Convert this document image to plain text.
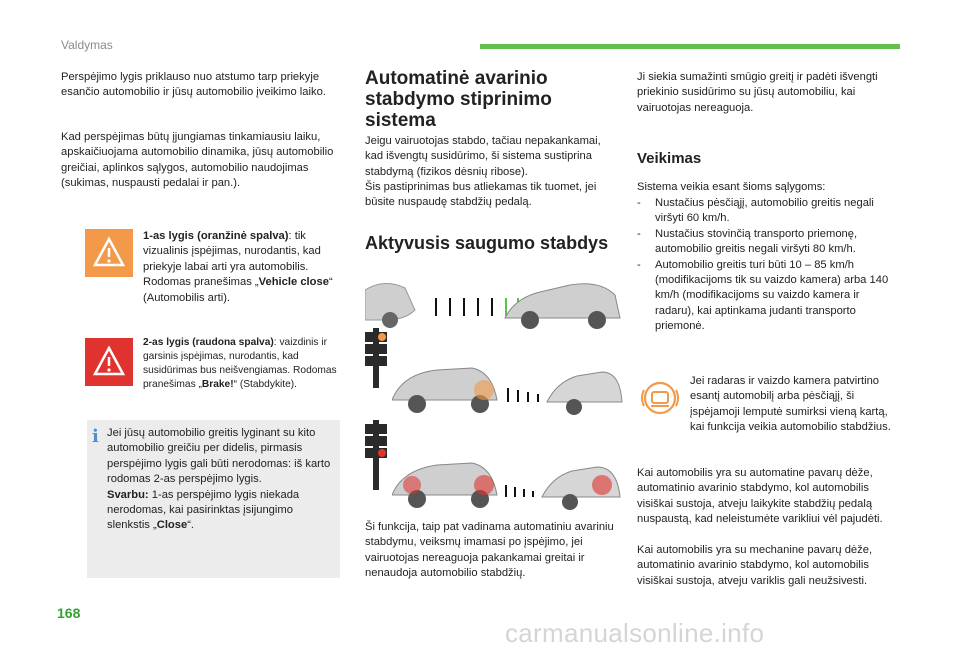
Valdymas
Perspėjimo lygis priklauso nuo atstumo tarp priekyje esančio automobilio ir jūsų automobilio įveikimo laiko.
Kad perspėjimas būtų įjungiamas tinkamiausiu laiku, apskaičiuojama automobilio dinamika, jūsų automobilio greičiai, aplinkos sąlygos, automobilio naudojimas (sukimas, nuspausti pedalai ir pan.).
1-as lygis (oranžinė spalva): tik vizualinis įspėjimas, nurodantis, kad priekyje labai arti yra automobilis. Rodomas pranešimas „Vehicle close“ (Automobilis arti).
2-as lygis (raudona spalva): vaizdinis ir garsinis įspėjimas, nurodantis, kad susidūrimas bus neišvengiamas. Rodomas pranešimas „Brake!“ (Stabdykite).
i Jei jūsų automobilio greitis lyginant su kito automobilio greičiu per didelis, pirmasis perspėjimo lygis gali būti nerodomas: iš karto rodomas 2-as perspėjimo lygis.
Svarbu: 1-as perspėjimo lygis niekada nerodomas, kai pasirinktas įsijungimo slenkstis „Close“.
Automatinė avarinio stabdymo stiprinimo sistema
Jeigu vairuotojas stabdo, tačiau nepakankamai, kad išvengtų susidūrimo, ši sistema sustiprina stabdymą (fizikos dėsnių ribose).
Šis pastiprinimas bus atliekamas tik tuomet, jei būsite nuspaudę stabdžių pedalą.
Aktyvusis saugumo stabdys
Ši funkcija, taip pat vadinama automatiniu avariniu stabdymu, veiksmų imamasi po įspėjimo, jei vairuotojas nereaguoja pakankamai greitai ir nenaudoja automobilio stabdžių.
Ji siekia sumažinti smūgio greitį ir padėti išvengti priekinio susidūrimo su jūsų automobiliu, kai vairuotojas nereaguoja.
Veikimas
Sistema veikia esant šioms sąlygoms:
- Nustačius pėsčiąjį, automobilio greitis negali viršyti 60 km/h.
- Nustačius stovinčią transporto priemonę, automobilio greitis negali viršyti 80 km/h.
- Automobilio greitis turi būti 10 – 85 km/h (modifikacijoms tik su vaizdo kamera) arba 140 km/h (modifikacijoms su vaizdo kamera ir radaru), kai aptinkama judanti transporto priemonė.
Jei radaras ir vaizdo kamera patvirtino esantį automobilį arba pėsčiąjį, ši įspėjamoji lemputė sumirksi vieną kartą, kai funkcija veikia automobilio stabdžius.
Kai automobilis yra su automatine pavarų dėže, automatinio avarinio stabdymo, kol automobilis visiškai sustoja, atveju laikykite stabdžių pedalą nuspaustą, kad neleistumėte varikliui vėl pajudėti.
Kai automobilis yra su mechanine pavarų dėže, automatinio avarinio stabdymo, kol automobilis visiškai sustoja, atveju variklis gali neužsivesti.
168
carmanualsonline.info
